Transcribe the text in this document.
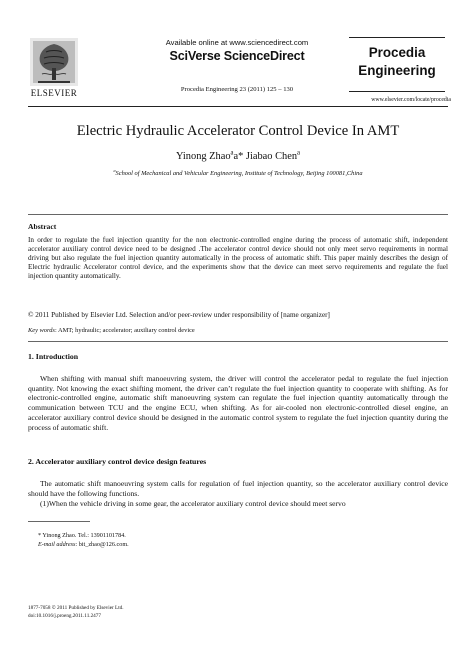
ELSEVIER
Available online at www.sciencedirect.com
SciVerse ScienceDirect
Procedia Engineering 23 (2011) 125 – 130
Procedia
Engineering
www.elsevier.com/locate/procedia
Electric Hydraulic Accelerator Control Device In AMT
Yinong Zhao$^a$a* Jiabao Chen$^a$
$^a$School of Mechanical and Vehicular Engineering, Institute of Technology, Beijing 100081,China
Abstract
In order to regulate the fuel injection quantity for the non electronic-controlled engine during the process of automatic shift, independent accelerator auxiliary control device need to be designed .The accelerator control device should not only meet servo requirements in normal driving but also regulate the fuel injection quantity automatically in the process of automatic shift. This paper mainly describes the design of Electric hydraulic Accelerator control device, and the experiments show that the device can meet servo requirements and regulate the fuel injection quantity automatically.
© 2011 Published by Elsevier Ltd. Selection and/or peer-review under responsibility of [name organizer]
Key words: AMT; hydraulic; accelerator; auxiliary control device
1. Introduction
When shifting with manual shift manoeuvring system, the driver will control the accelerator pedal to regulate the fuel injection quantity. Not knowing the exact shifting moment, the driver can’t regulate the fuel injection quantity to cooperate with shifting. As for electronic-controlled engine, automatic shift manoeuvring system can regulate the fuel injection quantity automatically through the communication between TCU and the engine ECU, when shifting. As for air-cooled non electronic-controlled diesel engine, an accelerator auxiliary control device should be designed in the automatic control system to regulate the fuel injection quantity during the process of automatic shift.
2. Accelerator auxiliary control device design features
The automatic shift manoeuvring system calls for regulation of fuel injection quantity, so the accelerator auxiliary control device should have the following functions.
(1)When the vehicle driving in some gear, the accelerator auxiliary control device should meet servo
* Yinong Zhao. Tel.: 13901101784.
E-mail address: bit_zhao@126.com.
1877-7058 © 2011 Published by Elsevier Ltd.
doi:10.1016/j.proeng.2011.11.2477
